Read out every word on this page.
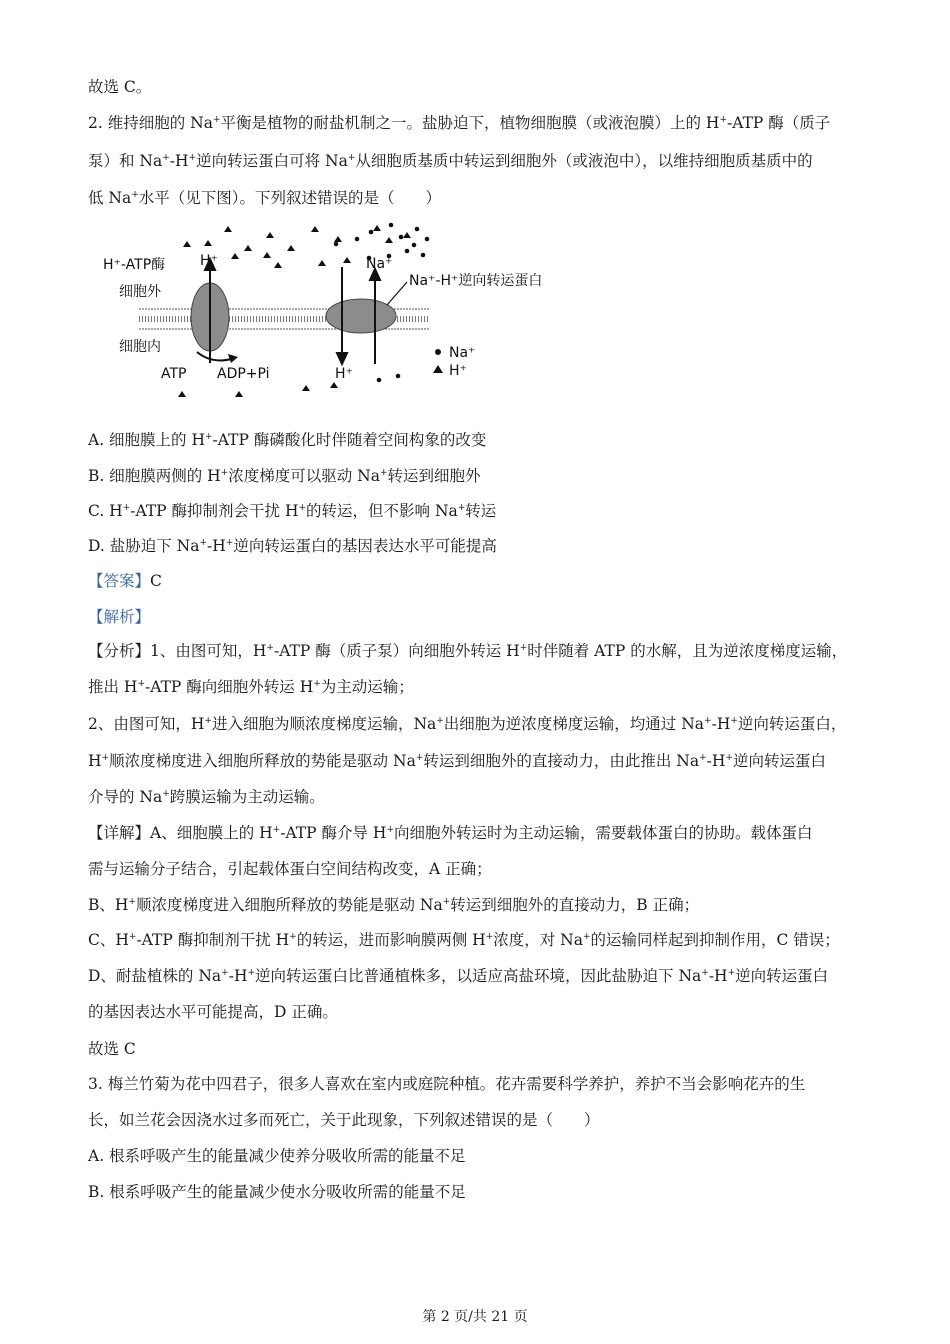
故选 C。
2. 维持细胞的 Na+平衡是植物的耐盐机制之一。盐胁迫下，植物细胞膜（或液泡膜）上的 H+-ATP 酶（质子
泵）和 Na+-H+逆向转运蛋白可将 Na+从细胞质基质中转运到细胞外（或液泡中），以维持细胞质基质中的
低 Na+水平（见下图）。下列叙述错误的是（　　）
H⁺-ATP酶 H⁺
细胞外
细胞内
Na⁺
Na⁺-H⁺逆向转运蛋白
ATP ADP+Pi	H⁺
Na⁺
H⁺
A. 细胞膜上的 H+-ATP 酶磷酸化时伴随着空间构象的改变
B. 细胞膜两侧的 H+浓度梯度可以驱动 Na+转运到细胞外
C. H+-ATP 酶抑制剂会干扰 H+的转运，但不影响 Na+转运
D. 盐胁迫下 Na+-H+逆向转运蛋白的基因表达水平可能提高
【答案】C
【解析】
【分析】1、由图可知，H+-ATP 酶（质子泵）向细胞外转运 H+时伴随着 ATP 的水解，且为逆浓度梯度运输，
推出 H+-ATP 酶向细胞外转运 H+为主动运输；
2、由图可知，H+进入细胞为顺浓度梯度运输，Na+出细胞为逆浓度梯度运输，均通过 Na+-H+逆向转运蛋白，
H+顺浓度梯度进入细胞所释放的势能是驱动 Na+转运到细胞外的直接动力，由此推出 Na+-H+逆向转运蛋白
介导的 Na+跨膜运输为主动运输。
【详解】A、细胞膜上的 H+-ATP 酶介导 H+向细胞外转运时为主动运输，需要载体蛋白的协助。载体蛋白
需与运输分子结合，引起载体蛋白空间结构改变，A 正确；
B、H+顺浓度梯度进入细胞所释放的势能是驱动 Na+转运到细胞外的直接动力，B 正确；
C、H+-ATP 酶抑制剂干扰 H+的转运，进而影响膜两侧 H+浓度，对 Na+的运输同样起到抑制作用，C 错误；
D、耐盐植株的 Na+-H+逆向转运蛋白比普通植株多，以适应高盐环境，因此盐胁迫下 Na+-H+逆向转运蛋白
的基因表达水平可能提高，D 正确。
故选 C
3. 梅兰竹菊为花中四君子，很多人喜欢在室内或庭院种植。花卉需要科学养护，养护不当会影响花卉的生
长，如兰花会因浇水过多而死亡，关于此现象，下列叙述错误的是（　　）
A. 根系呼吸产生的能量减少使养分吸收所需的能量不足
B. 根系呼吸产生的能量减少使水分吸收所需的能量不足
第 2 页/共 21 页
